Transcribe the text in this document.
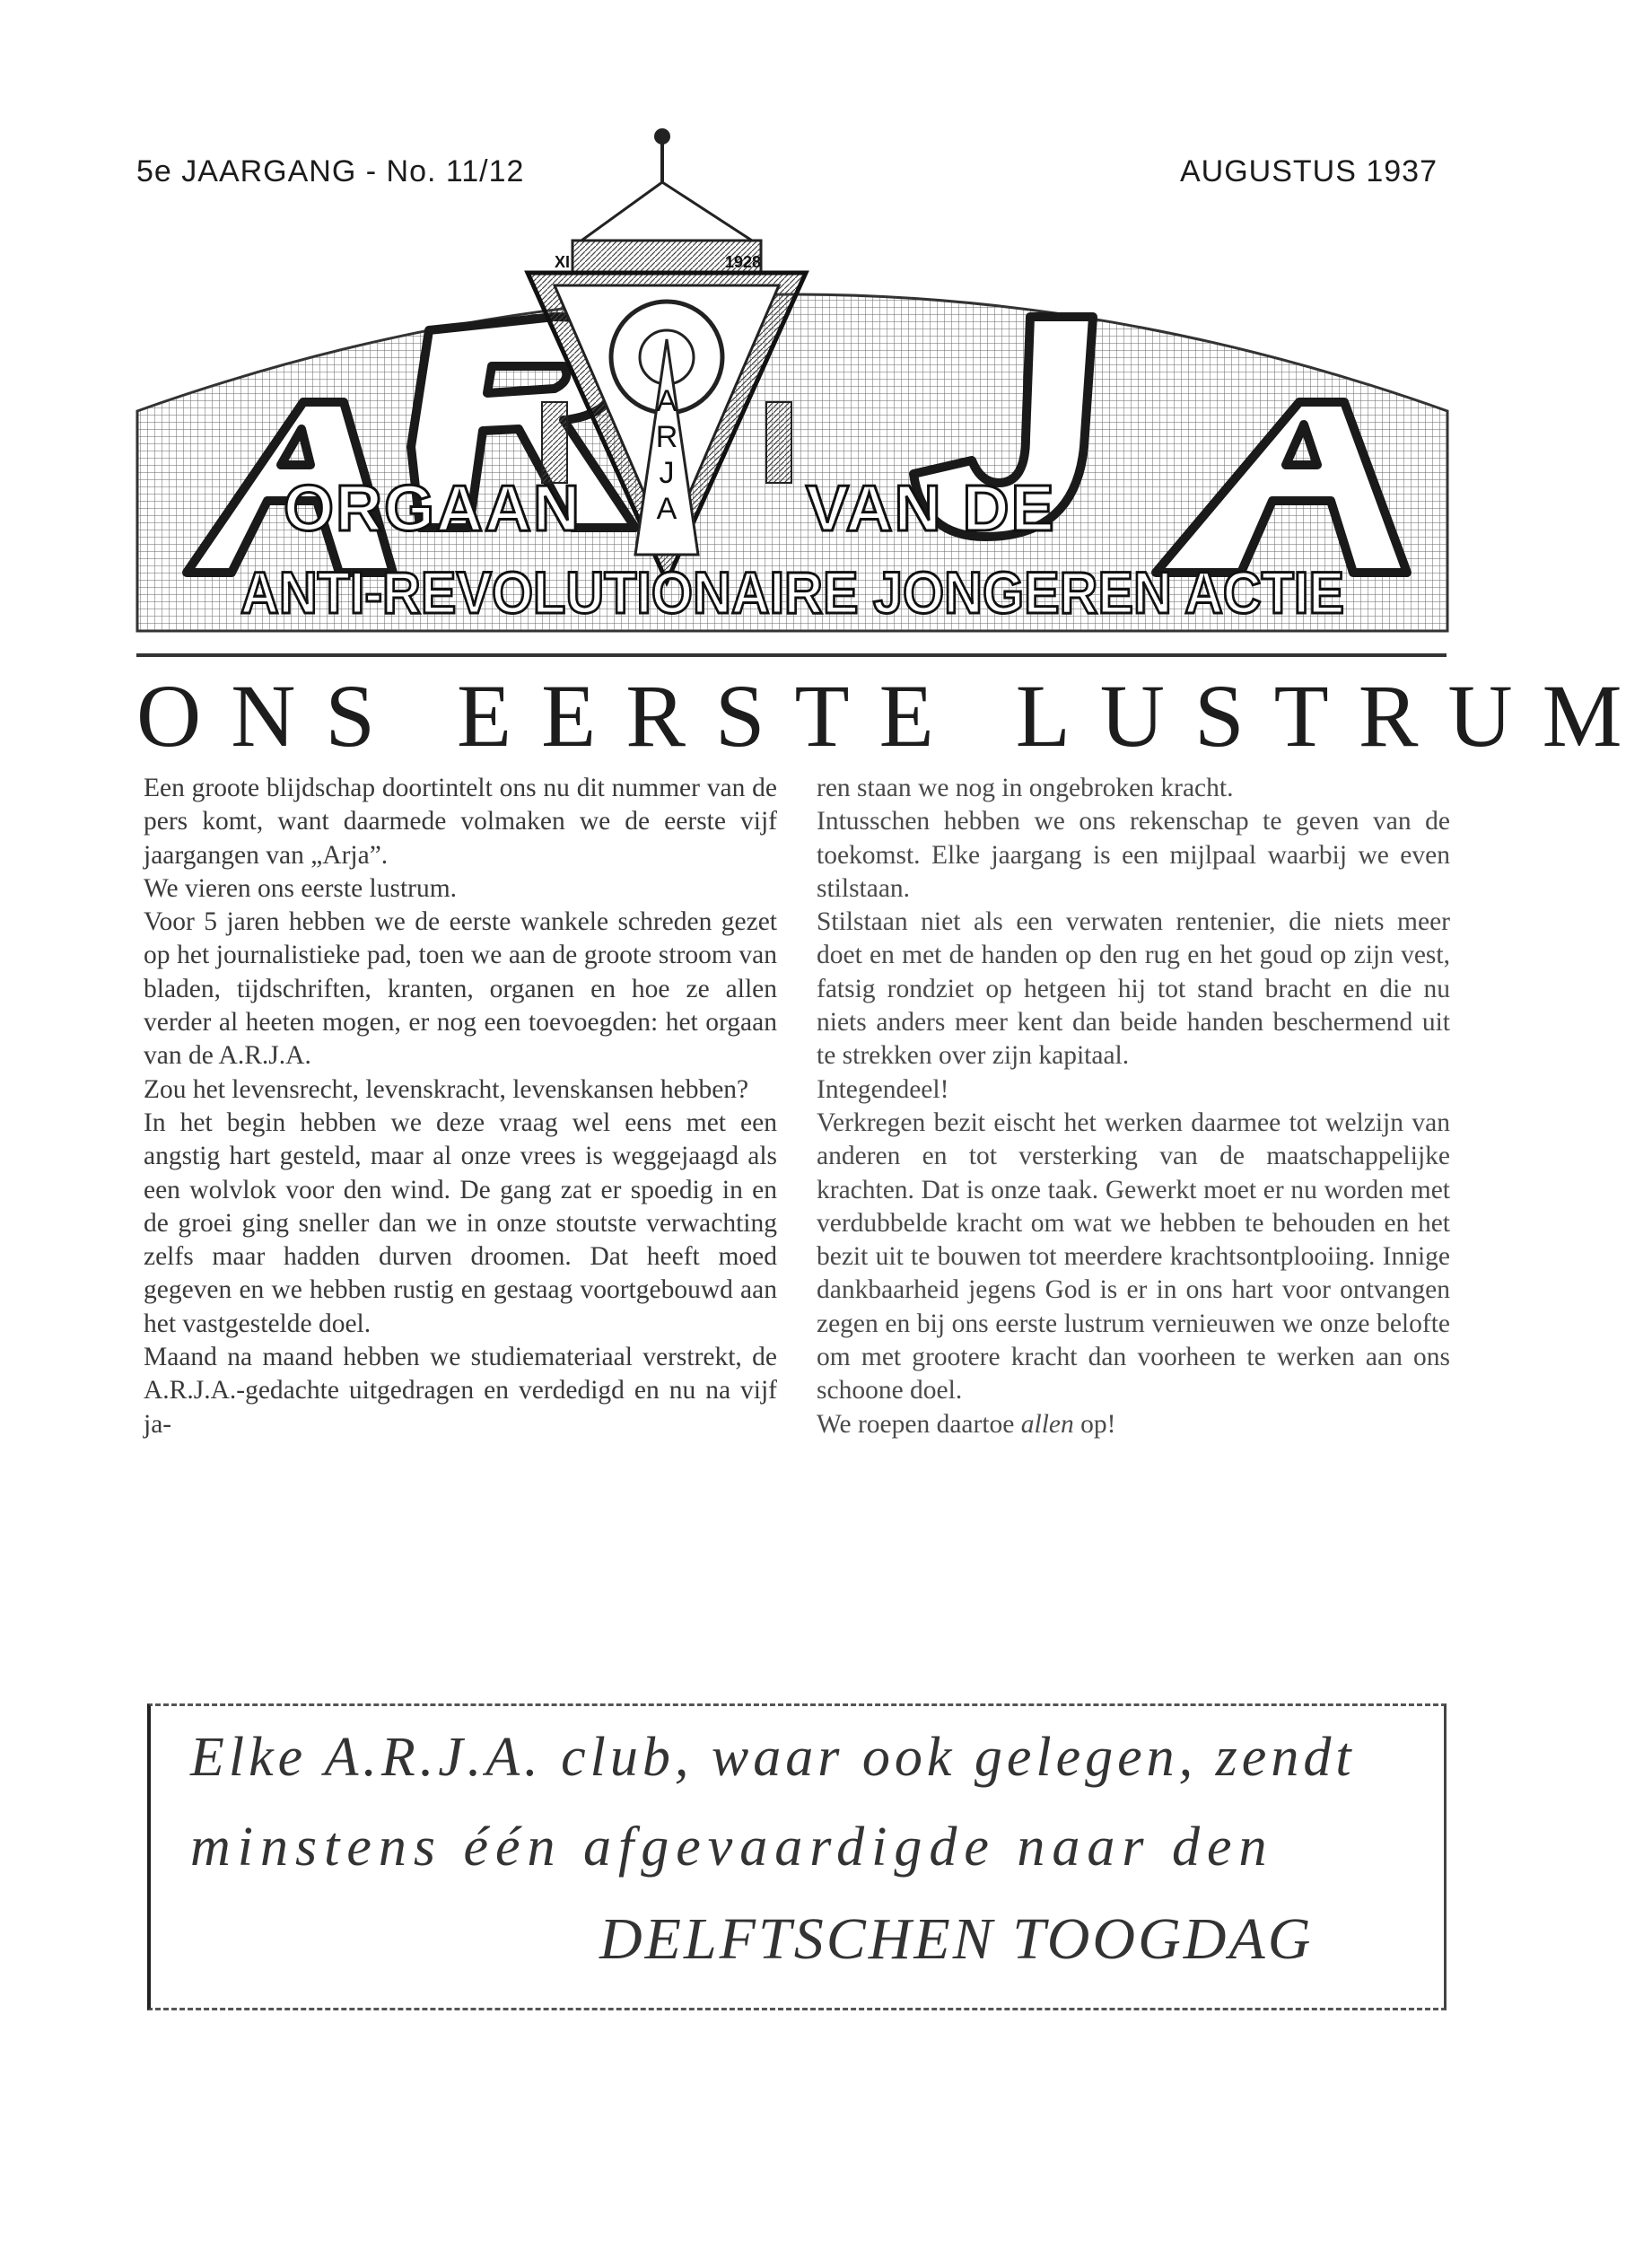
5e JAARGANG - No. 11/12	AUGUSTUS 1937
XI	1928
A
R
J
A
ORGAAN	VAN DE
ANTI-REVOLUTIONAIRE JONGEREN ACTIE
ONS EERSTE LUSTRUM

Een groote blijdschap doortintelt ons nu dit nummer van de pers komt, want daarmede volmaken we de eerste vijf jaargangen van „Arja”.

We vieren ons eerste lustrum.

Voor 5 jaren hebben we de eerste wankele schreden gezet op het journalistieke pad, toen we aan de groote stroom van bladen, tijdschriften, kranten, organen en hoe ze allen verder al heeten mogen, er nog een toevoegden: het orgaan van de A.R.J.A.

Zou het levensrecht, levenskracht, levenskansen hebben?

In het begin hebben we deze vraag wel eens met een angstig hart gesteld, maar al onze vrees is weggejaagd als een wolvlok voor den wind. De gang zat er spoedig in en de groei ging sneller dan we in onze stoutste verwachting zelfs maar hadden durven droomen. Dat heeft moed gegeven en we hebben rustig en gestaag voortgebouwd aan het vastgestelde doel.

Maand na maand hebben we studiemateriaal verstrekt, de A.R.J.A.-gedachte uitgedragen en verdedigd en nu na vijf ja-

ren staan we nog in ongebroken kracht.

Intusschen hebben we ons rekenschap te geven van de toekomst. Elke jaargang is een mijlpaal waarbij we even stilstaan.

Stilstaan niet als een verwaten rentenier, die niets meer doet en met de handen op den rug en het goud op zijn vest, fatsig rondziet op hetgeen hij tot stand bracht en die nu niets anders meer kent dan beide handen beschermend uit te strekken over zijn kapitaal.

Integendeel!

Verkregen bezit eischt het werken daarmee tot welzijn van anderen en tot versterking van de maatschappelijke krachten. Dat is onze taak. Gewerkt moet er nu worden met verdubbelde kracht om wat we hebben te behouden en het bezit uit te bouwen tot meerdere krachtsontplooiing. Innige dankbaarheid jegens God is er in ons hart voor ontvangen zegen en bij ons eerste lustrum vernieuwen we onze belofte om met grootere kracht dan voorheen te werken aan ons schoone doel.

We roepen daartoe allen op!

Elke A.R.J.A. club, waar ook gelegen, zendt
minstens één afgevaardigde naar den
DELFTSCHEN TOOGDAG
